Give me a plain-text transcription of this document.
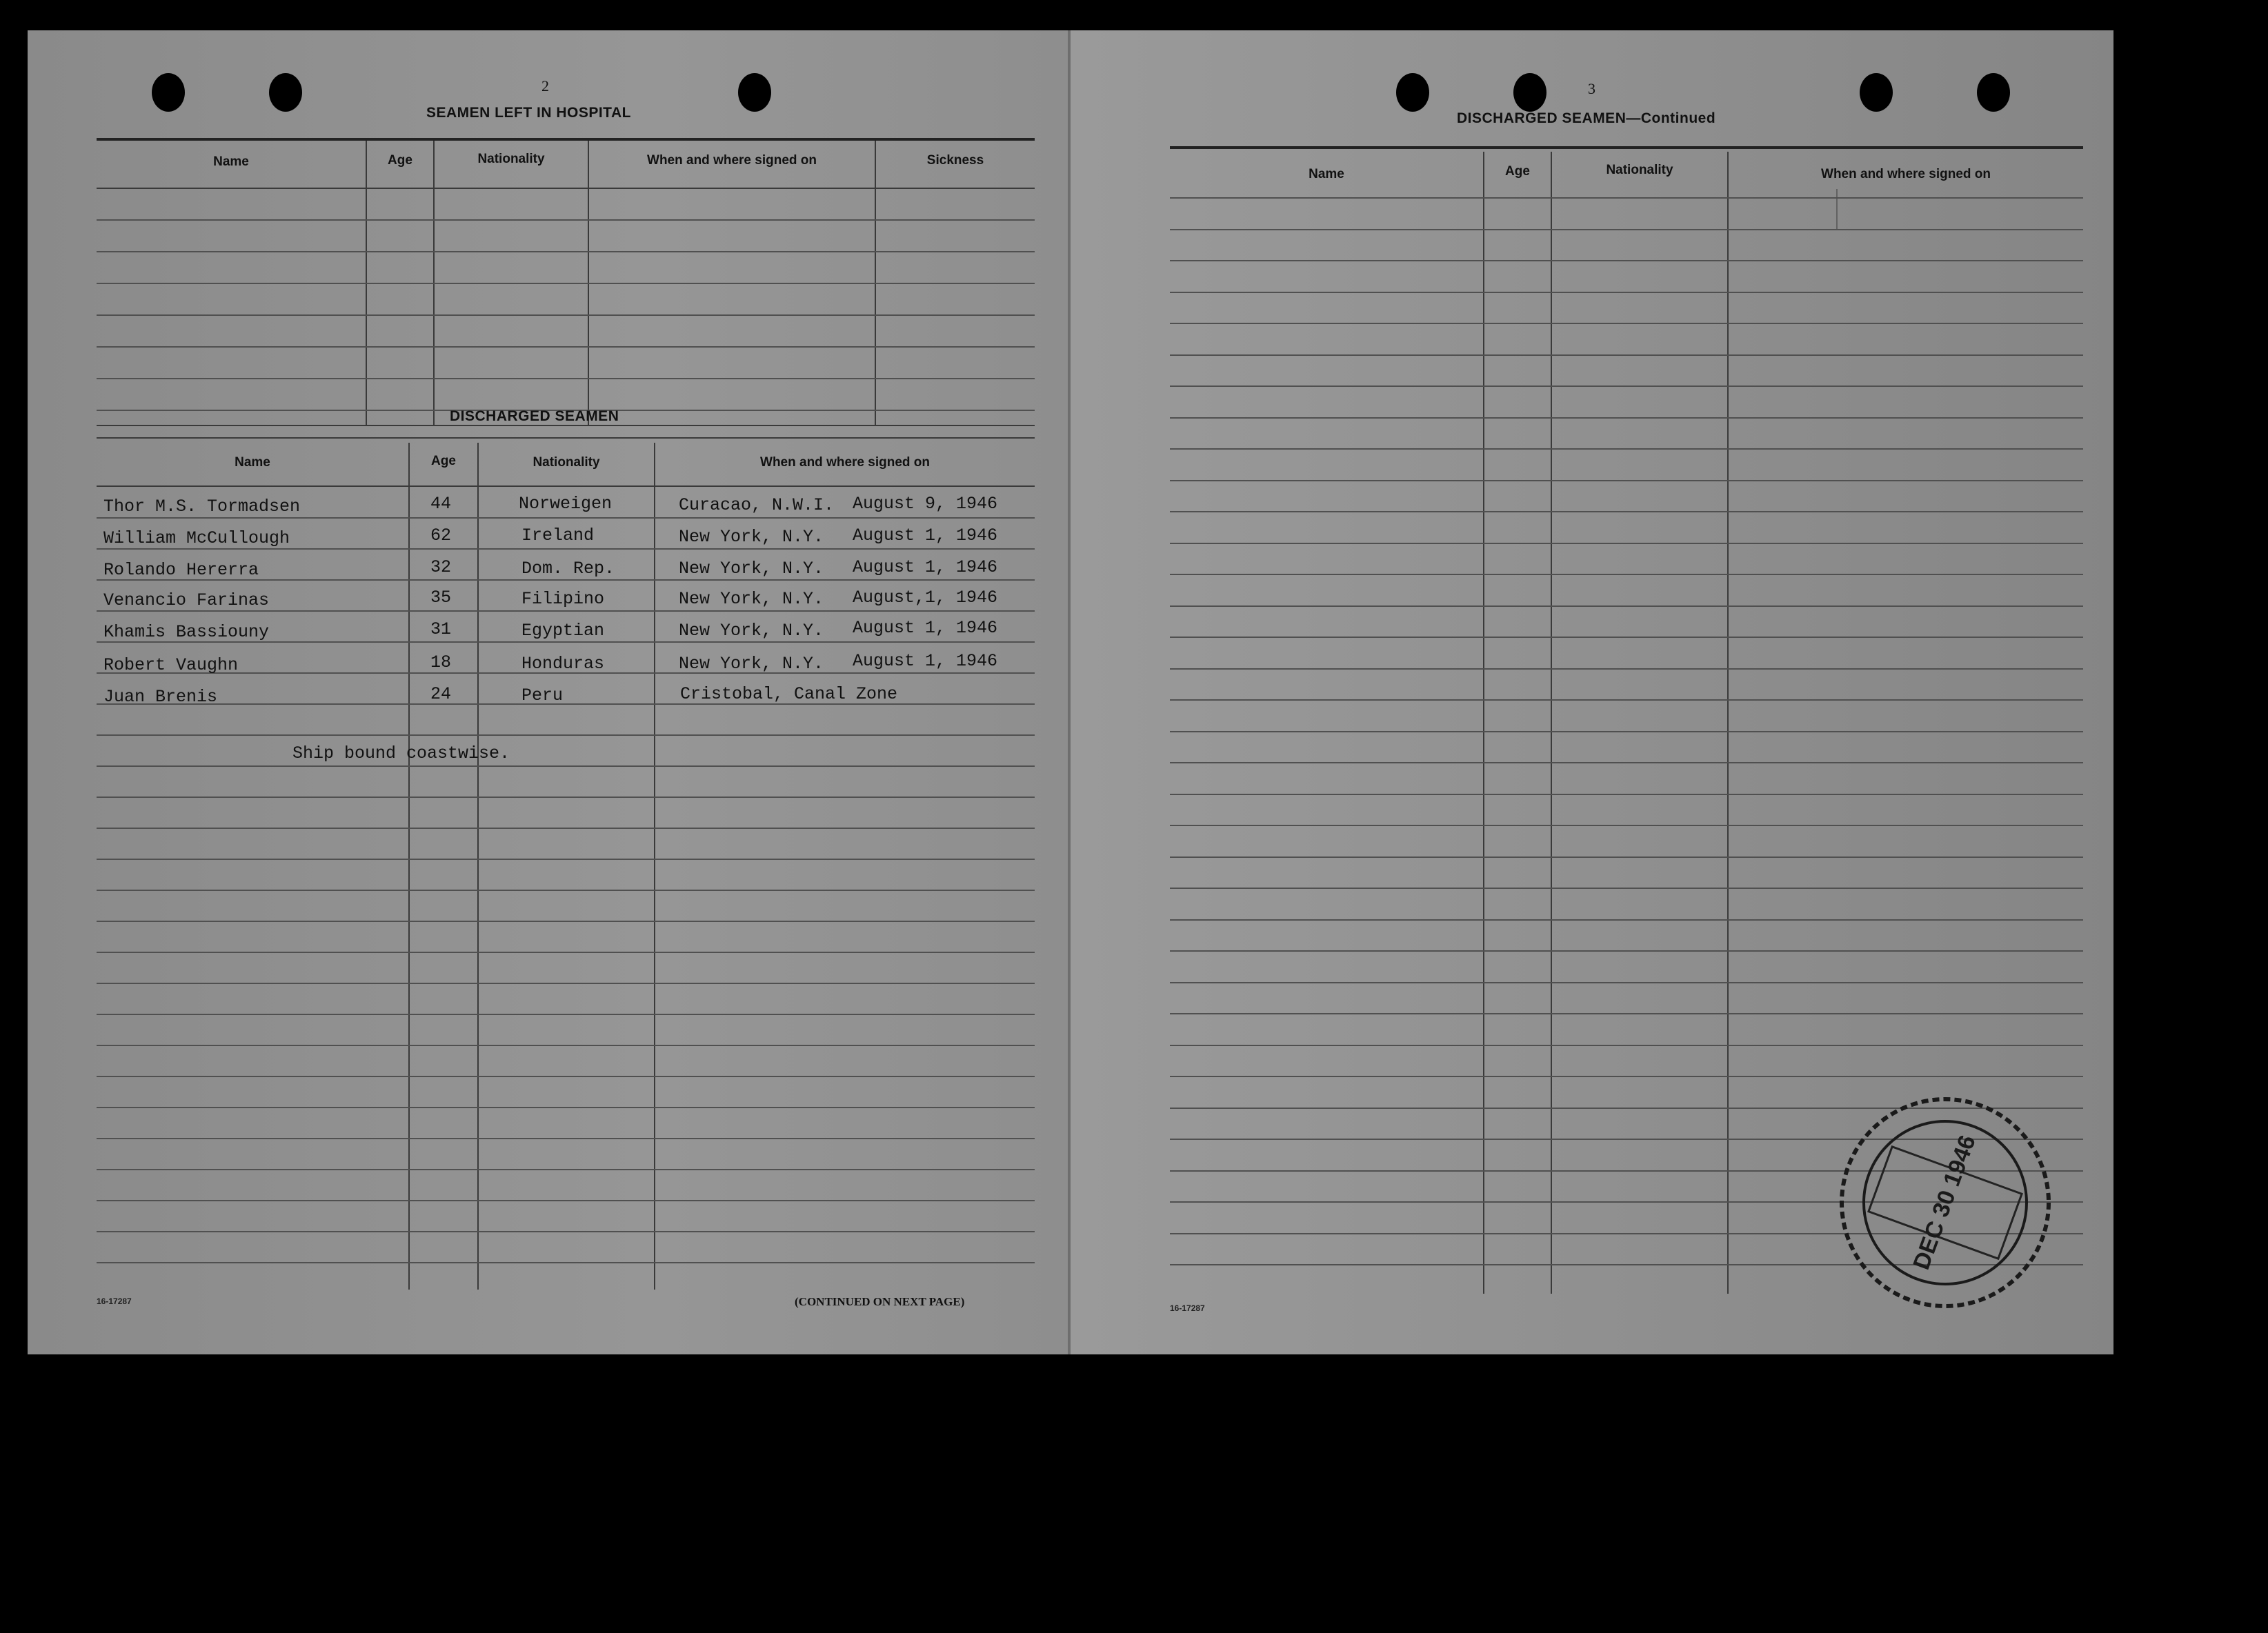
2
SEAMEN LEFT IN HOSPITAL
Name	Age	Nationality	When and where signed on	Sickness
DISCHARGED SEAMEN
Name	Age	Nationality	When and where signed on
Thor M.S. Tormadsen	44	Norweigen	Curacao, N.W.I. August 9, 1946
William McCullough	62	Ireland	New York, N.Y. August 1, 1946
Rolando Hererra	32	Dom. Rep.	New York, N.Y. August 1, 1946
Venancio Farinas	35	Filipino	New York, N.Y. August,1, 1946
Khamis Bassiouny	31	Egyptian	New York, N.Y. August 1, 1946
Robert Vaughn	18	Honduras	New York, N.Y. August 1, 1946
Juan Brenis	24	Peru	Cristobal, Canal Zone
Ship bound coastwise.
16-17287	(CONTINUED ON NEXT PAGE)
3
DISCHARGED SEAMEN—Continued
Name	Age	Nationality	When and where signed on
16-17287
DEC 30 1946
